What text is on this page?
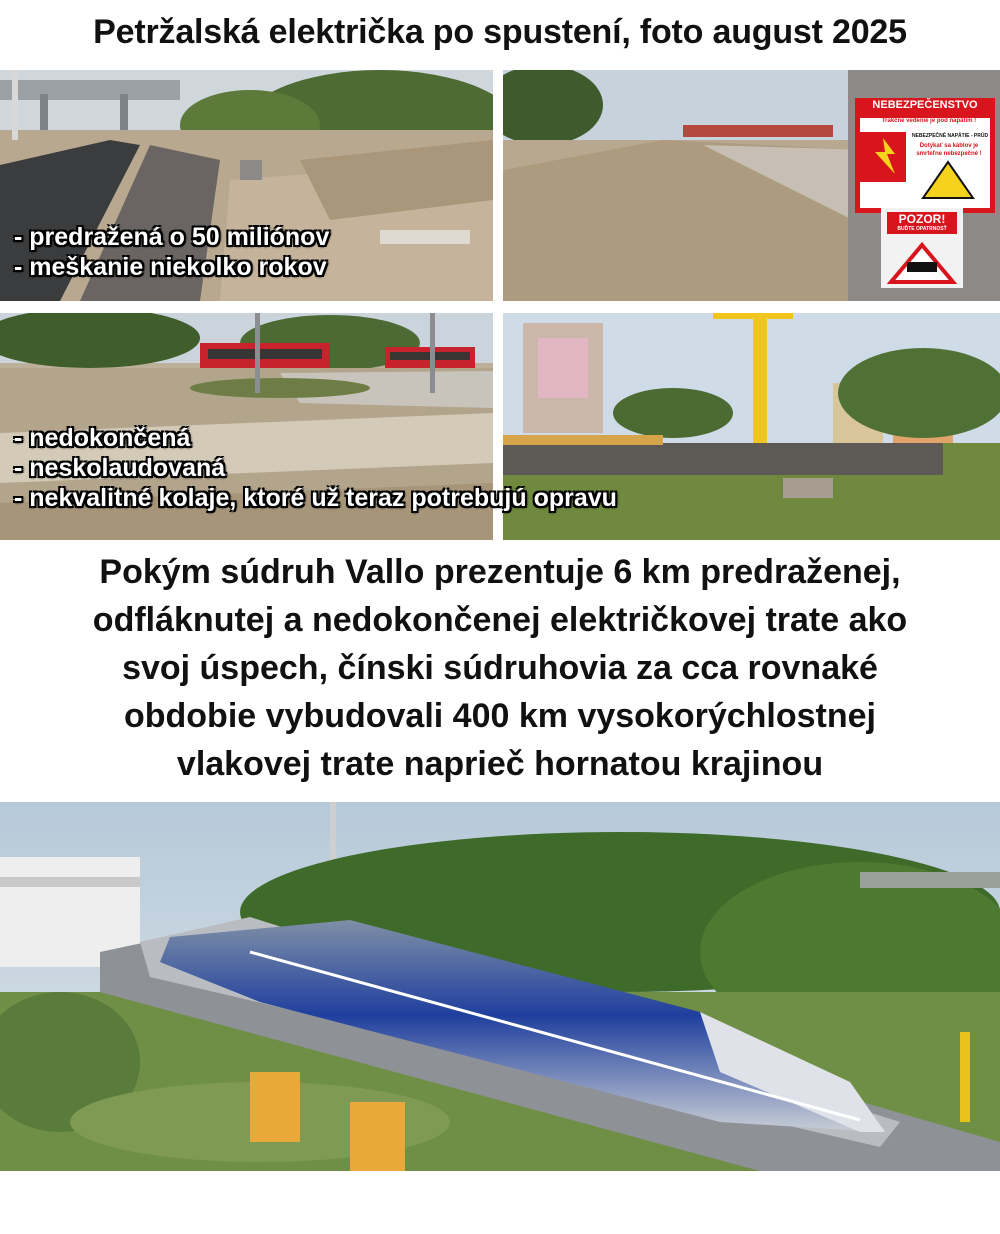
Petržalská električka po spustení, foto august 2025
- predražená o 50 miliónov
- meškanie niekolko rokov
NEBEZPEČENSTVO
Trakčné vedenie je pod napätím !
NEBEZPEČNÉ NAPÄTIE - PRÚD
Dotýkať sa káblov je smrteľne nebezpečné !
POZOR!
BUĎTE OPATRNOSŤ
- nedokončená
- neskolaudovaná
- nekvalitné kolaje, ktoré už teraz potrebujú opravu
Pokým súdruh Vallo prezentuje 6 km predraženej,
odfláknutej a nedokončenej električkovej trate ako
svoj úspech, čínski súdruhovia za cca rovnaké
obdobie vybudovali 400 km vysokorýchlostnej
vlakovej trate naprieč hornatou krajinou
